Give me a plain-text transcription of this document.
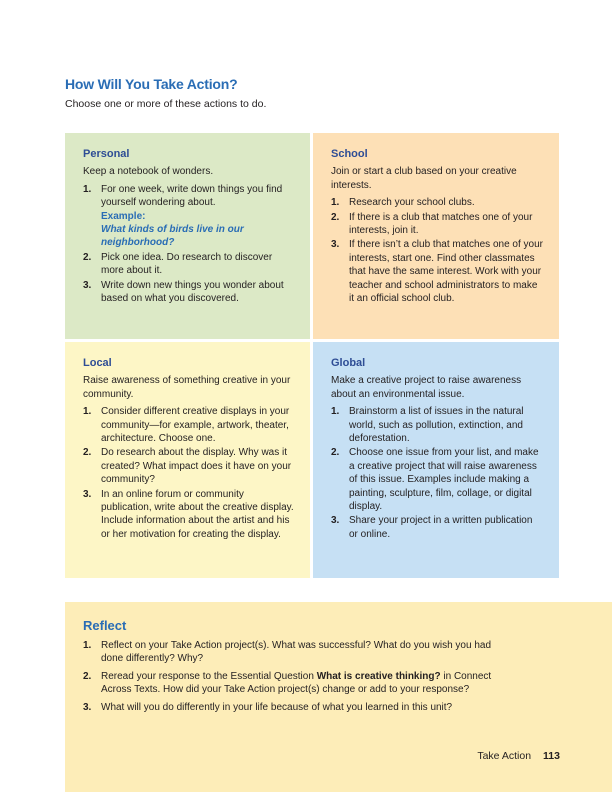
How Will You Take Action?
Choose one or more of these actions to do.
Personal
Keep a notebook of wonders.
1. For one week, write down things you find yourself wondering about.
Example:
What kinds of birds live in our neighborhood?
2. Pick one idea. Do research to discover more about it.
3. Write down new things you wonder about based on what you discovered.
School
Join or start a club based on your creative interests.
1. Research your school clubs.
2. If there is a club that matches one of your interests, join it.
3. If there isn’t a club that matches one of your interests, start one. Find other classmates that have the same interest. Work with your teacher and school administrators to make it an official school club.
Local
Raise awareness of something creative in your community.
1. Consider different creative displays in your community—for example, artwork, theater, architecture. Choose one.
2. Do research about the display. Why was it created? What impact does it have on your community?
3. In an online forum or community publication, write about the creative display. Include information about the artist and his or her motivation for creating the display.
Global
Make a creative project to raise awareness about an environmental issue.
1. Brainstorm a list of issues in the natural world, such as pollution, extinction, and deforestation.
2. Choose one issue from your list, and make a creative project that will raise awareness of this issue. Examples include making a painting, sculpture, film, collage, or digital display.
3. Share your project in a written publication or online.
Reflect
1. Reflect on your Take Action project(s). What was successful? What do you wish you had done differently? Why?
2. Reread your response to the Essential Question What is creative thinking? in Connect Across Texts. How did your Take Action project(s) change or add to your response?
3. What will you do differently in your life because of what you learned in this unit?
Take Action 113
